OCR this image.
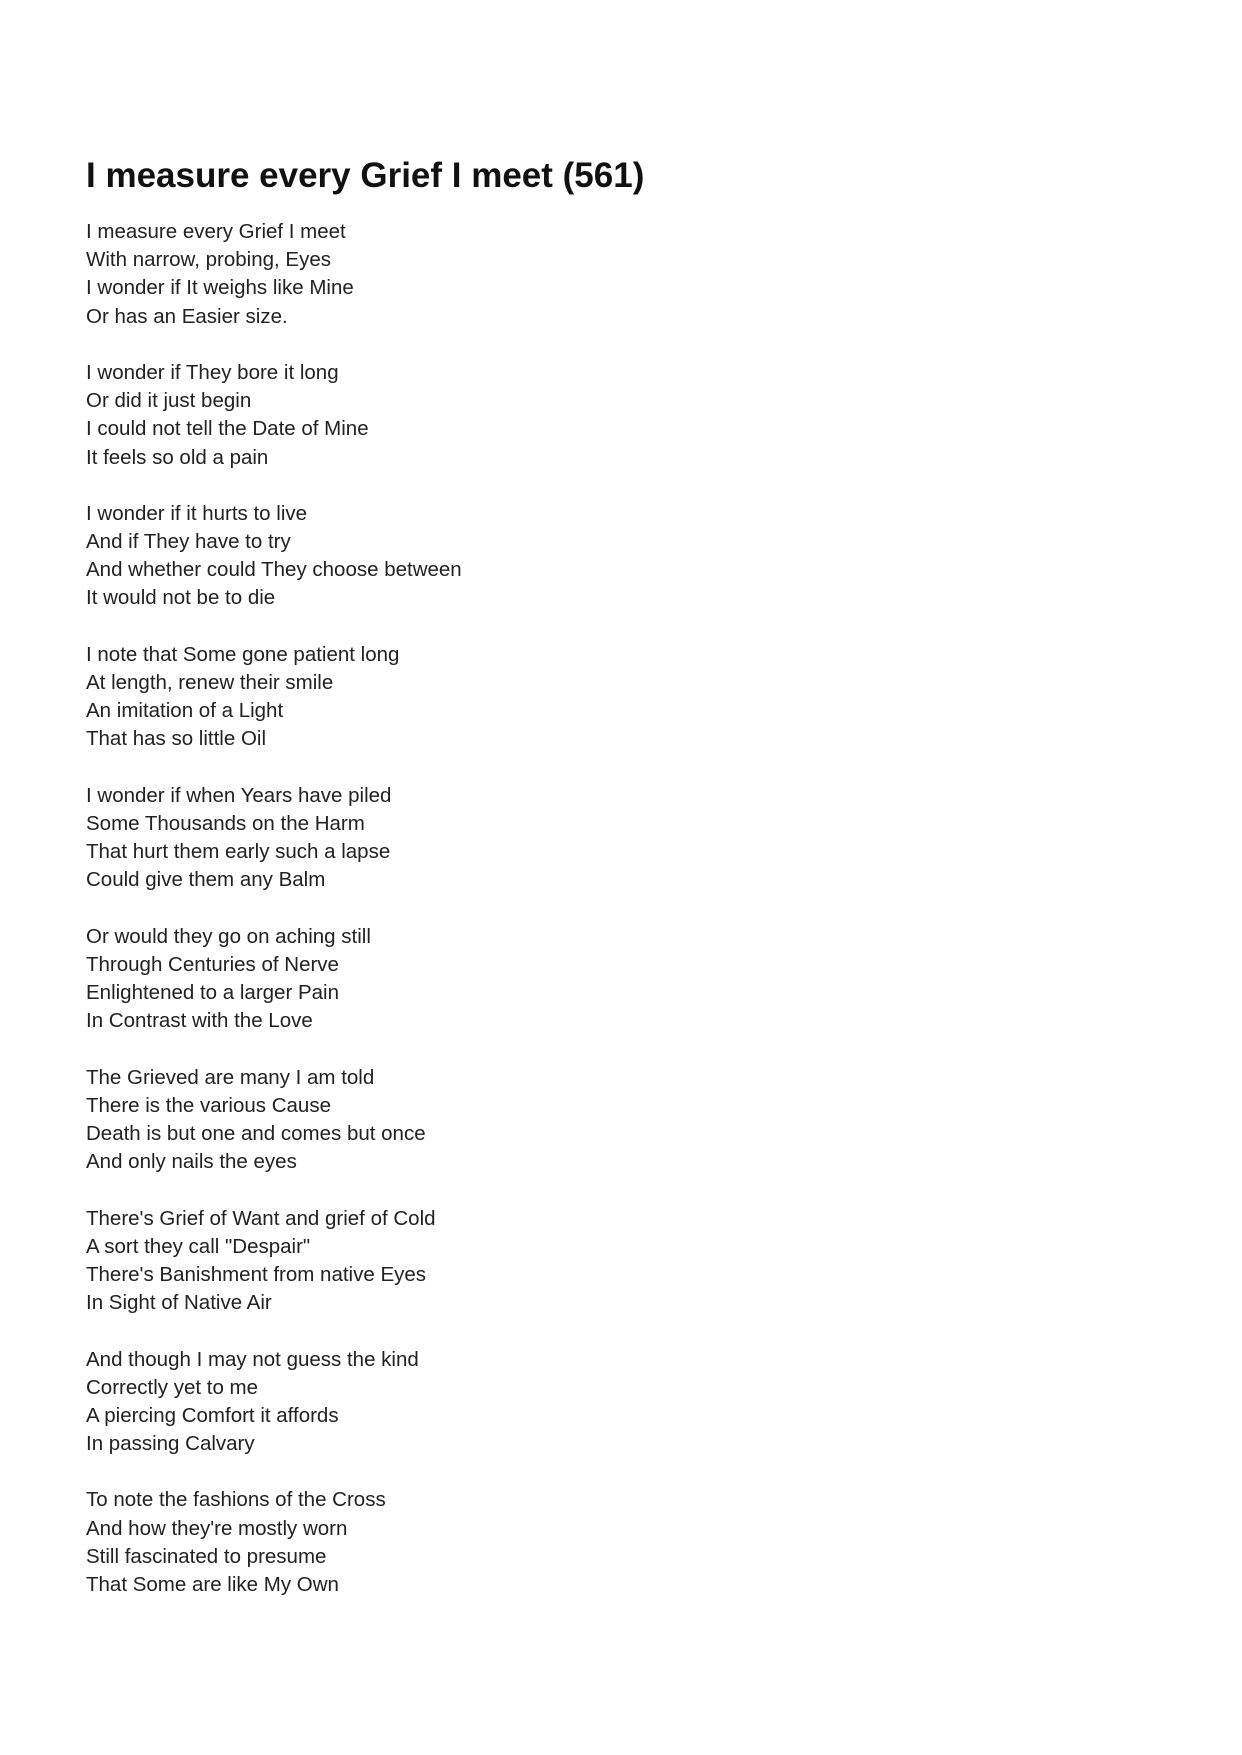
I measure every Grief I meet (561)
I measure every Grief I meet
With narrow, probing, Eyes
I wonder if It weighs like Mine
Or has an Easier size.
I wonder if They bore it long
Or did it just begin
I could not tell the Date of Mine
It feels so old a pain
I wonder if it hurts to live
And if They have to try
And whether could They choose between
It would not be to die
I note that Some gone patient long
At length, renew their smile
An imitation of a Light
That has so little Oil
I wonder if when Years have piled
Some Thousands on the Harm
That hurt them early such a lapse
Could give them any Balm
Or would they go on aching still
Through Centuries of Nerve
Enlightened to a larger Pain
In Contrast with the Love
The Grieved are many I am told
There is the various Cause
Death is but one and comes but once
And only nails the eyes
There's Grief of Want and grief of Cold
A sort they call "Despair"
There's Banishment from native Eyes
In Sight of Native Air
And though I may not guess the kind
Correctly yet to me
A piercing Comfort it affords
In passing Calvary
To note the fashions of the Cross
And how they're mostly worn
Still fascinated to presume
That Some are like My Own
